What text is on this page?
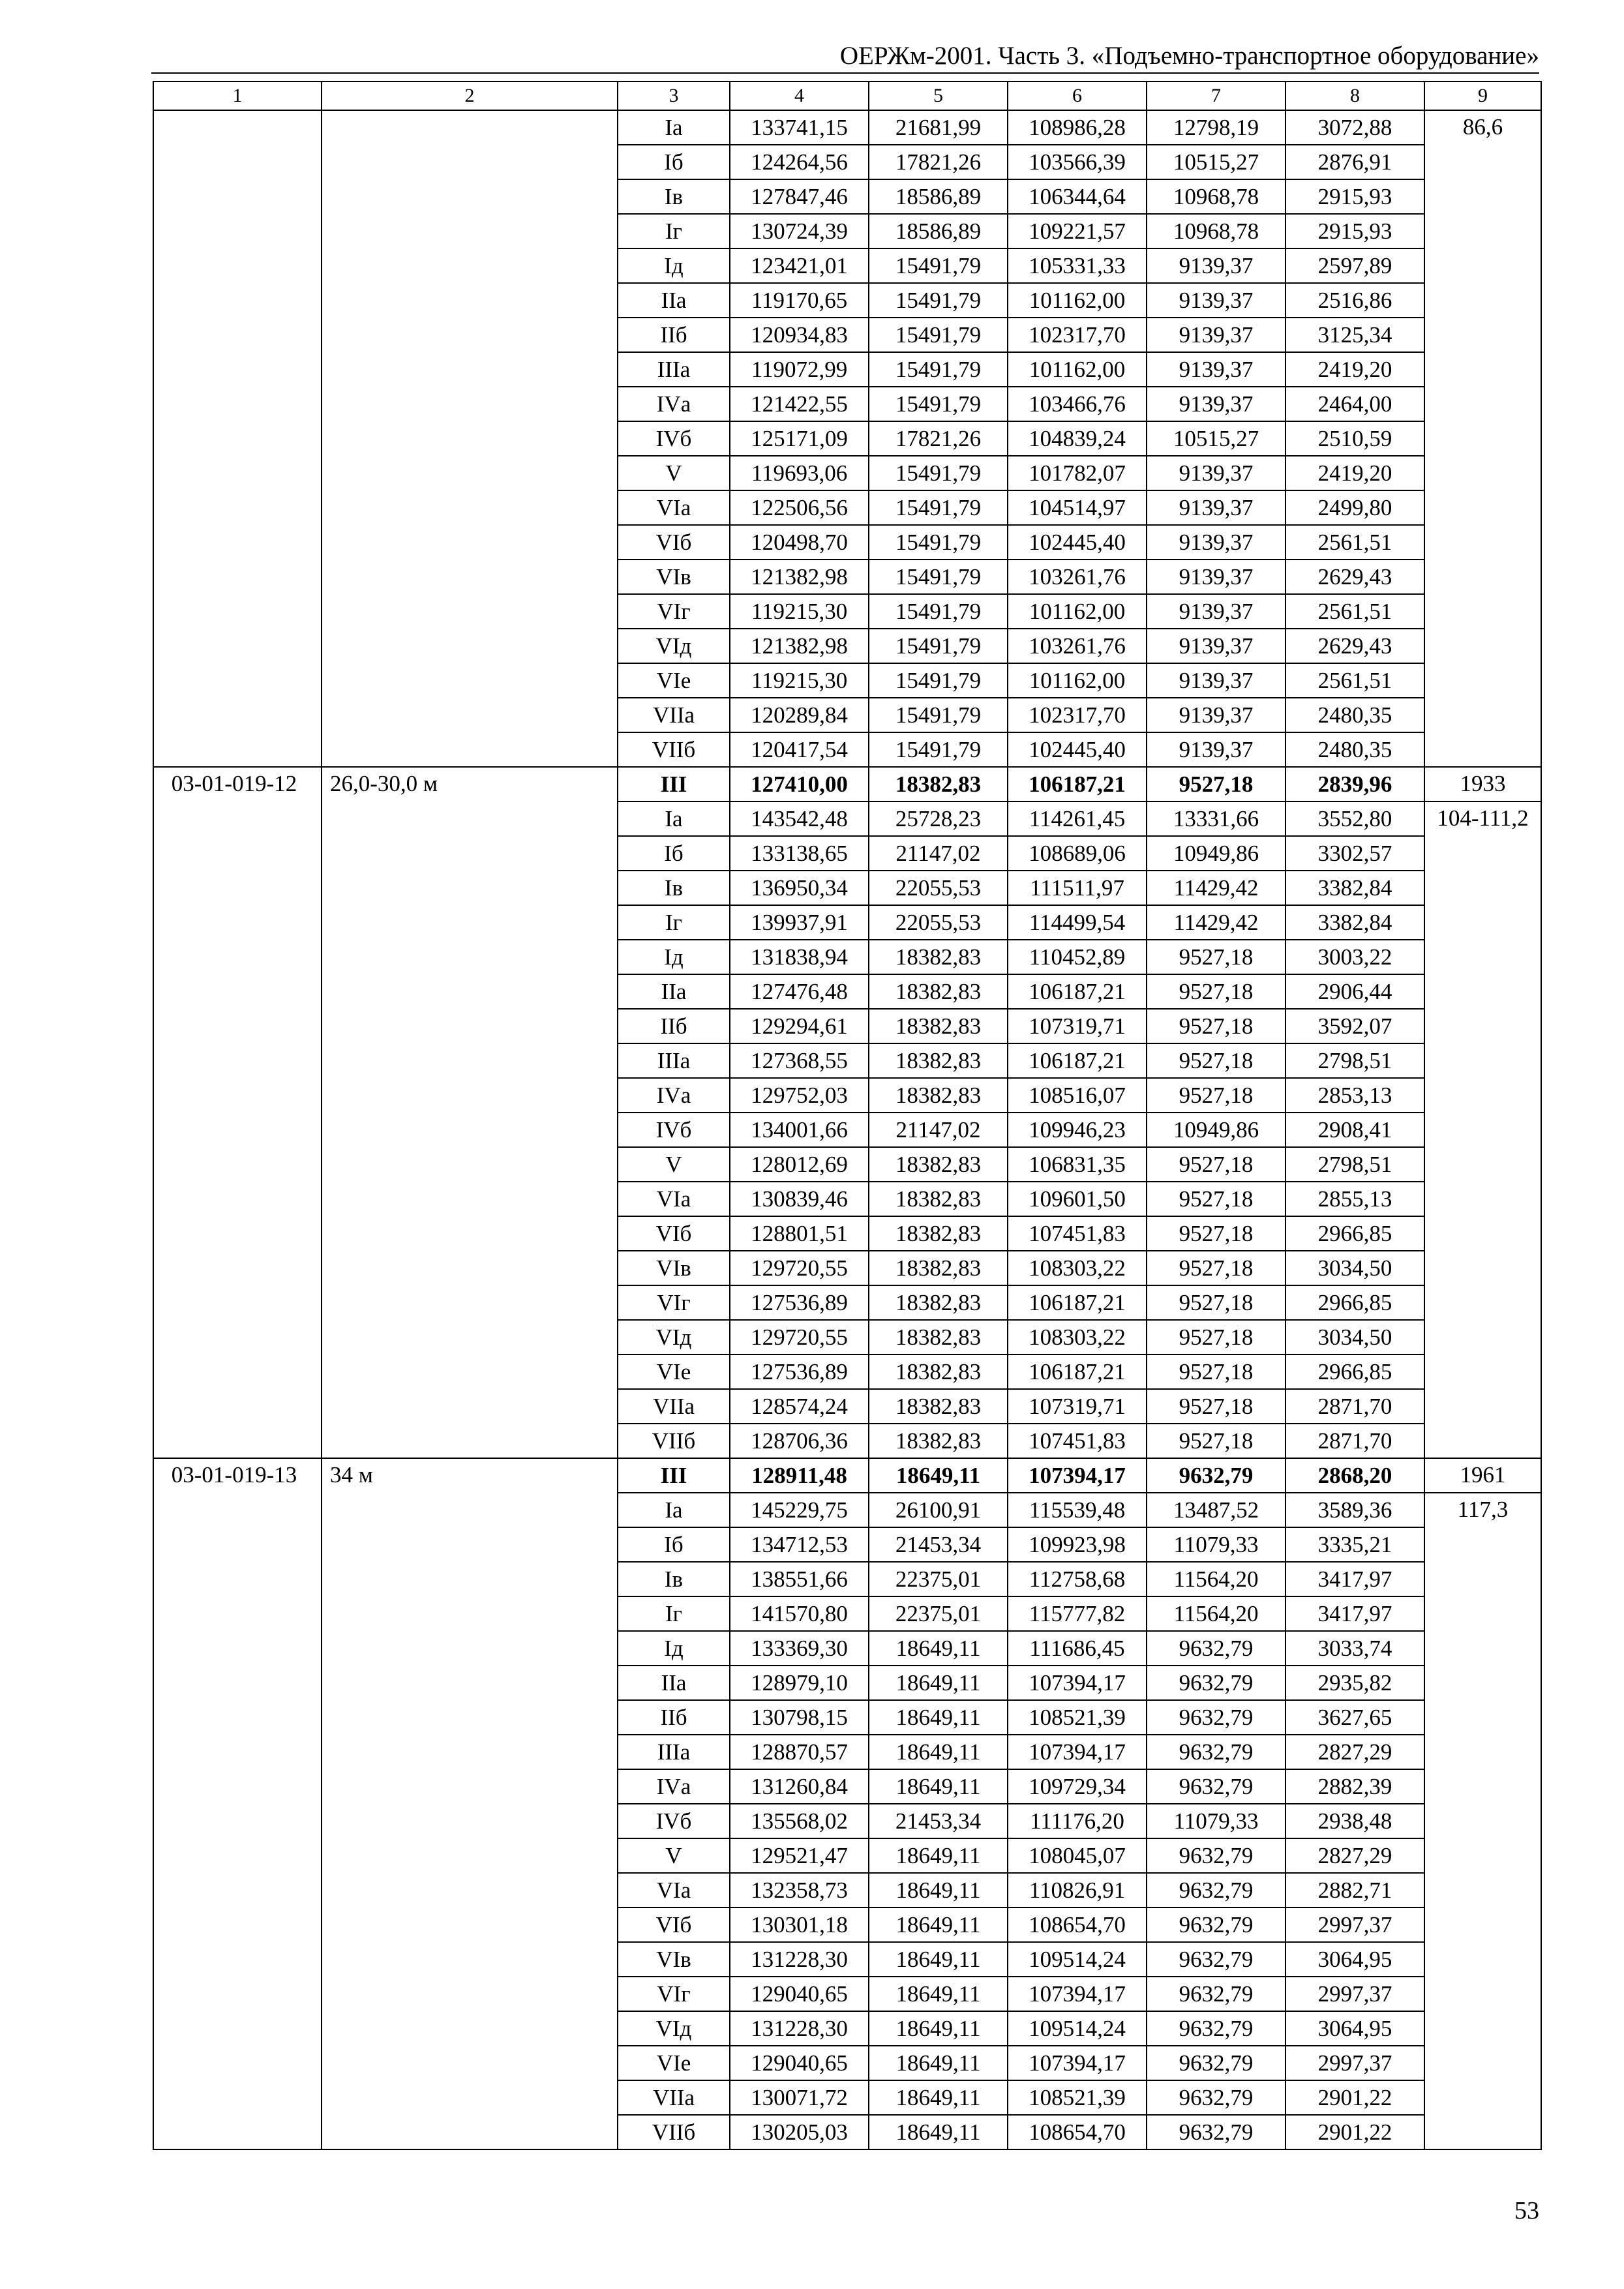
ОЕРЖм-2001. Часть 3. «Подъемно-транспортное оборудование»
1	2	3	4	5	6	7	8	9
		Iа	133741,15	21681,99	108986,28	12798,19	3072,88	86,6
		Iб	124264,56	17821,26	103566,39	10515,27	2876,91	
		Iв	127847,46	18586,89	106344,64	10968,78	2915,93	
		Iг	130724,39	18586,89	109221,57	10968,78	2915,93	
		Iд	123421,01	15491,79	105331,33	9139,37	2597,89	
		IIа	119170,65	15491,79	101162,00	9139,37	2516,86	
		IIб	120934,83	15491,79	102317,70	9139,37	3125,34	
		IIIа	119072,99	15491,79	101162,00	9139,37	2419,20	
		IVа	121422,55	15491,79	103466,76	9139,37	2464,00	
		IVб	125171,09	17821,26	104839,24	10515,27	2510,59	
		V	119693,06	15491,79	101782,07	9139,37	2419,20	
		VIа	122506,56	15491,79	104514,97	9139,37	2499,80	
		VIб	120498,70	15491,79	102445,40	9139,37	2561,51	
		VIв	121382,98	15491,79	103261,76	9139,37	2629,43	
		VIг	119215,30	15491,79	101162,00	9139,37	2561,51	
		VIд	121382,98	15491,79	103261,76	9139,37	2629,43	
		VIе	119215,30	15491,79	101162,00	9139,37	2561,51	
		VIIа	120289,84	15491,79	102317,70	9139,37	2480,35	
		VIIб	120417,54	15491,79	102445,40	9139,37	2480,35	
03-01-019-12	26,0-30,0 м	III	127410,00	18382,83	106187,21	9527,18	2839,96	1933
		Iа	143542,48	25728,23	114261,45	13331,66	3552,80	104-111,2
		Iб	133138,65	21147,02	108689,06	10949,86	3302,57	
		Iв	136950,34	22055,53	111511,97	11429,42	3382,84	
		Iг	139937,91	22055,53	114499,54	11429,42	3382,84	
		Iд	131838,94	18382,83	110452,89	9527,18	3003,22	
		IIа	127476,48	18382,83	106187,21	9527,18	2906,44	
		IIб	129294,61	18382,83	107319,71	9527,18	3592,07	
		IIIа	127368,55	18382,83	106187,21	9527,18	2798,51	
		IVа	129752,03	18382,83	108516,07	9527,18	2853,13	
		IVб	134001,66	21147,02	109946,23	10949,86	2908,41	
		V	128012,69	18382,83	106831,35	9527,18	2798,51	
		VIа	130839,46	18382,83	109601,50	9527,18	2855,13	
		VIб	128801,51	18382,83	107451,83	9527,18	2966,85	
		VIв	129720,55	18382,83	108303,22	9527,18	3034,50	
		VIг	127536,89	18382,83	106187,21	9527,18	2966,85	
		VIд	129720,55	18382,83	108303,22	9527,18	3034,50	
		VIе	127536,89	18382,83	106187,21	9527,18	2966,85	
		VIIа	128574,24	18382,83	107319,71	9527,18	2871,70	
		VIIб	128706,36	18382,83	107451,83	9527,18	2871,70	
03-01-019-13	34 м	III	128911,48	18649,11	107394,17	9632,79	2868,20	1961
		Iа	145229,75	26100,91	115539,48	13487,52	3589,36	117,3
		Iб	134712,53	21453,34	109923,98	11079,33	3335,21	
		Iв	138551,66	22375,01	112758,68	11564,20	3417,97	
		Iг	141570,80	22375,01	115777,82	11564,20	3417,97	
		Iд	133369,30	18649,11	111686,45	9632,79	3033,74	
		IIа	128979,10	18649,11	107394,17	9632,79	2935,82	
		IIб	130798,15	18649,11	108521,39	9632,79	3627,65	
		IIIа	128870,57	18649,11	107394,17	9632,79	2827,29	
		IVа	131260,84	18649,11	109729,34	9632,79	2882,39	
		IVб	135568,02	21453,34	111176,20	11079,33	2938,48	
		V	129521,47	18649,11	108045,07	9632,79	2827,29	
		VIа	132358,73	18649,11	110826,91	9632,79	2882,71	
		VIб	130301,18	18649,11	108654,70	9632,79	2997,37	
		VIв	131228,30	18649,11	109514,24	9632,79	3064,95	
		VIг	129040,65	18649,11	107394,17	9632,79	2997,37	
		VIд	131228,30	18649,11	109514,24	9632,79	3064,95	
		VIе	129040,65	18649,11	107394,17	9632,79	2997,37	
		VIIа	130071,72	18649,11	108521,39	9632,79	2901,22	
		VIIб	130205,03	18649,11	108654,70	9632,79	2901,22	
53
